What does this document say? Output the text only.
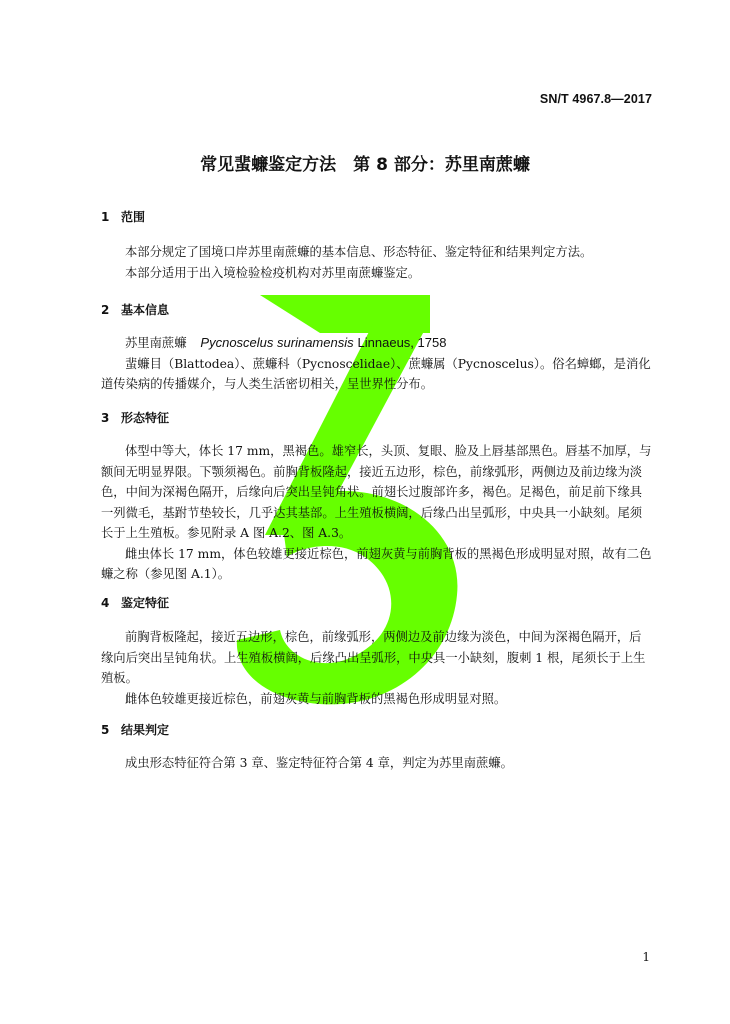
SN/T 4967.8—2017
常见蜚蠊鉴定方法　第 8 部分：苏里南蔗蠊
1 范围
本部分规定了国境口岸苏里南蔗蠊的基本信息、形态特征、鉴定特征和结果判定方法。
本部分适用于出入境检验检疫机构对苏里南蔗蠊鉴定。
2 基本信息
苏里南蔗蠊 Pycnoscelus surinamensis Linnaeus, 1758
蜚蠊目（Blattodea）、蔗蠊科（Pycnoscelidae）、蔗蠊属（Pycnoscelus）。俗名蟑螂，是消化道传染病的传播媒介，与人类生活密切相关，呈世界性分布。
3 形态特征
体型中等大，体长 17 mm，黑褐色。雄窄长，头顶、复眼、脸及上唇基部黑色。唇基不加厚，与额间无明显界限。下颚须褐色。前胸背板隆起，接近五边形，棕色，前缘弧形，两侧边及前边缘为淡色，中间为深褐色隔开，后缘向后突出呈钝角状。前翅长过腹部许多，褐色。足褐色，前足前下缘具一列微毛，基跗节垫较长，几乎达其基部。上生殖板横阔，后缘凸出呈弧形，中央具一小缺刻。尾须长于上生殖板。参见附录 A 图 A.2、图 A.3。
雌虫体长 17 mm，体色较雄更接近棕色，前翅灰黄与前胸背板的黑褐色形成明显对照，故有二色蠊之称（参见图 A.1）。
4 鉴定特征
前胸背板隆起，接近五边形，棕色，前缘弧形，两侧边及前边缘为淡色，中间为深褐色隔开，后缘向后突出呈钝角状。上生殖板横阔，后缘凸出呈弧形，中央具一小缺刻，腹刺 1 根，尾须长于上生殖板。
雌体色较雄更接近棕色，前翅灰黄与前胸背板的黑褐色形成明显对照。
5 结果判定
成虫形态特征符合第 3 章、鉴定特征符合第 4 章，判定为苏里南蔗蠊。
1
